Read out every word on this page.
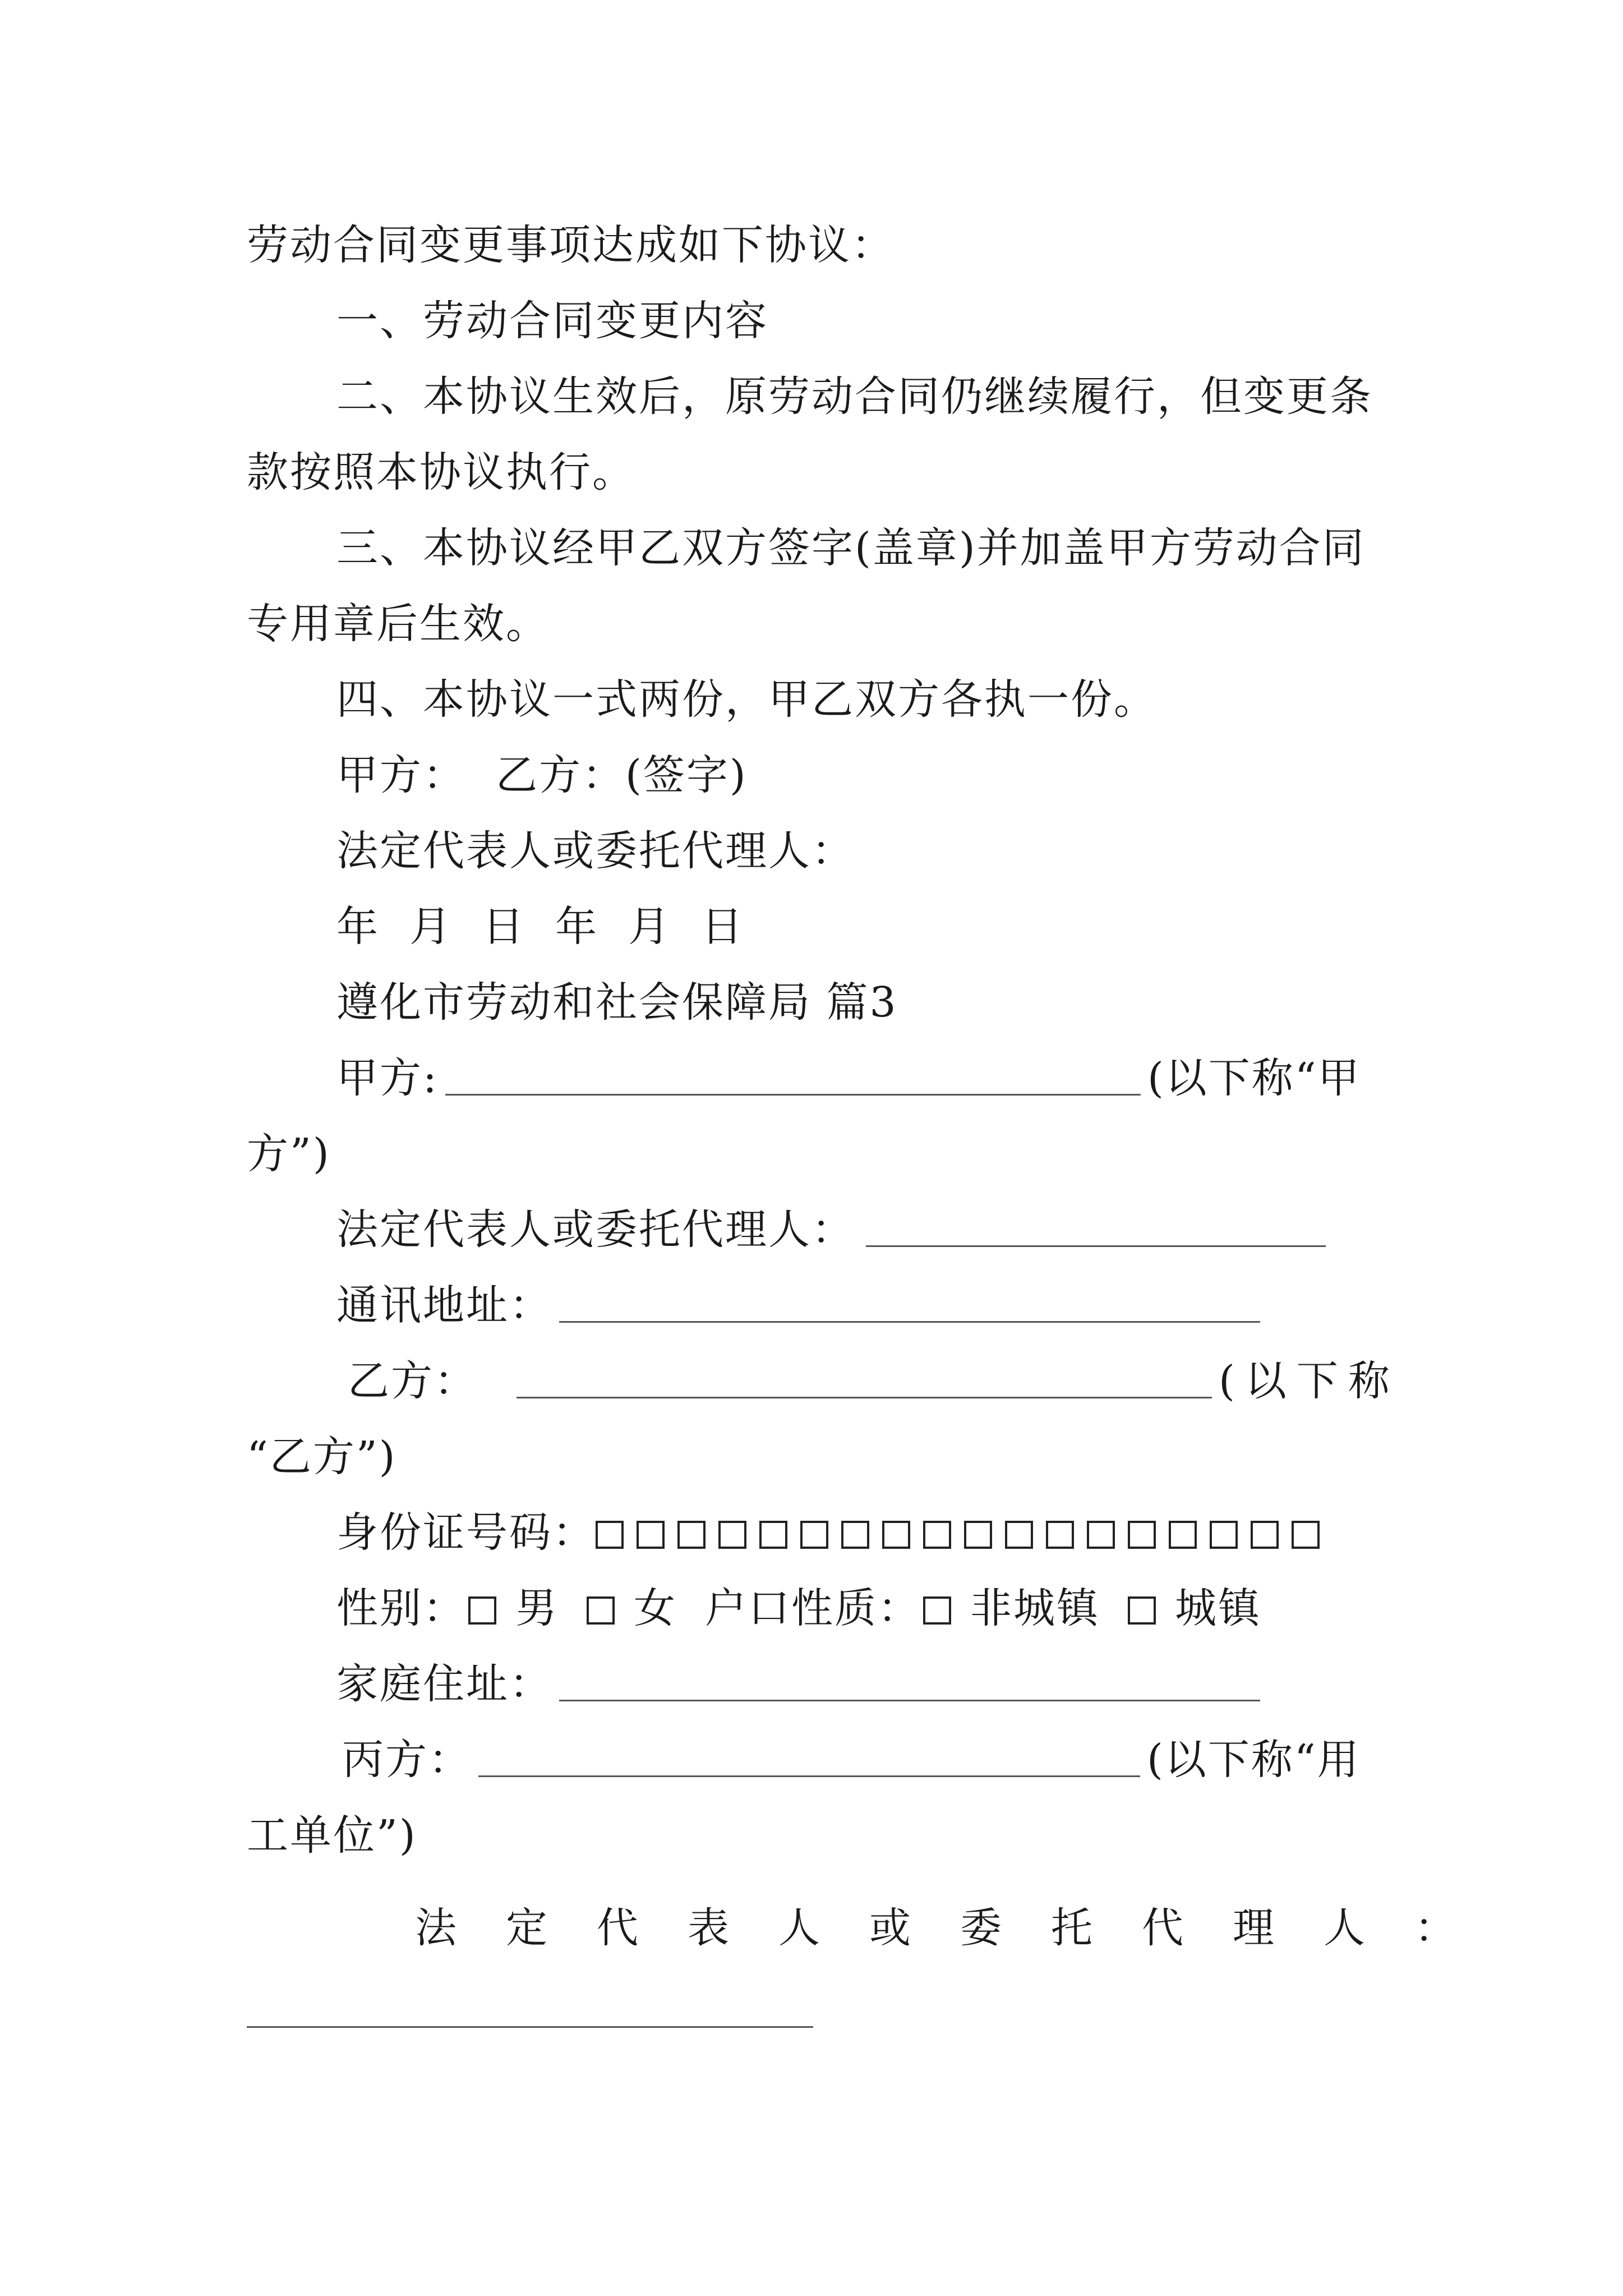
劳动合同变更事项达成如下协议：
一、劳动合同变更内容
二、本协议生效后，原劳动合同仍继续履行，但变更条
款按照本协议执行。
三、本协议经甲乙双方签字(盖章)并加盖甲方劳动合同
专用章后生效。
四、本协议一式两份，甲乙双方各执一份。
甲方：  乙方：(签字)
法定代表人或委托代理人：
年  月  日  年  月  日
遵化市劳动和社会保障局 篇3
甲方:	(以下称“甲
方”)
法定代表人或委托代理人：
通讯地址：
乙方：	(以下称
“乙方”)
身份证号码：
性别： 男 女 户口性质： 非城镇 城镇
家庭住址：
丙方：	(以下称“用
工单位”)
法定代表人或委托代理人：
